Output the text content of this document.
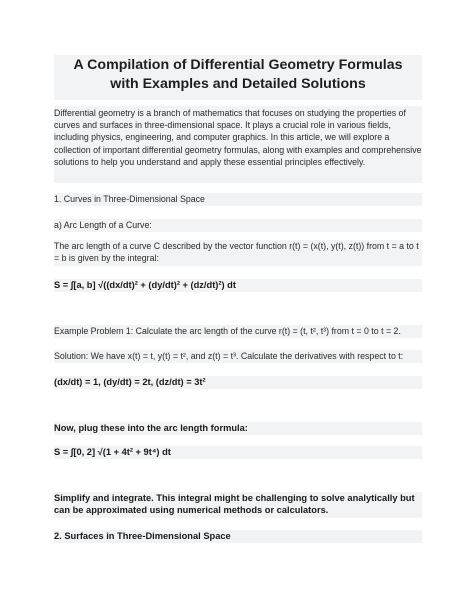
A Compilation of Differential Geometry Formulas
with Examples and Detailed Solutions
Differential geometry is a branch of mathematics that focuses on studying the properties of curves and surfaces in three-dimensional space. It plays a crucial role in various fields, including physics, engineering, and computer graphics. In this article, we will explore a collection of important differential geometry formulas, along with examples and comprehensive solutions to help you understand and apply these essential principles effectively.
1. Curves in Three-Dimensional Space
a) Arc Length of a Curve:
The arc length of a curve C described by the vector function r(t) = (x(t), y(t), z(t)) from t = a to t = b is given by the integral:
S = ∫[a, b] √((dx/dt)² + (dy/dt)² + (dz/dt)²) dt
Example Problem 1: Calculate the arc length of the curve r(t) = (t, t², t³) from t = 0 to t = 2.
Solution: We have x(t) = t, y(t) = t², and z(t) = t³. Calculate the derivatives with respect to t:
(dx/dt) = 1, (dy/dt) = 2t, (dz/dt) = 3t²
Now, plug these into the arc length formula:
S = ∫[0, 2] √(1 + 4t² + 9t⁴) dt
Simplify and integrate. This integral might be challenging to solve analytically but can be approximated using numerical methods or calculators.
2. Surfaces in Three-Dimensional Space
